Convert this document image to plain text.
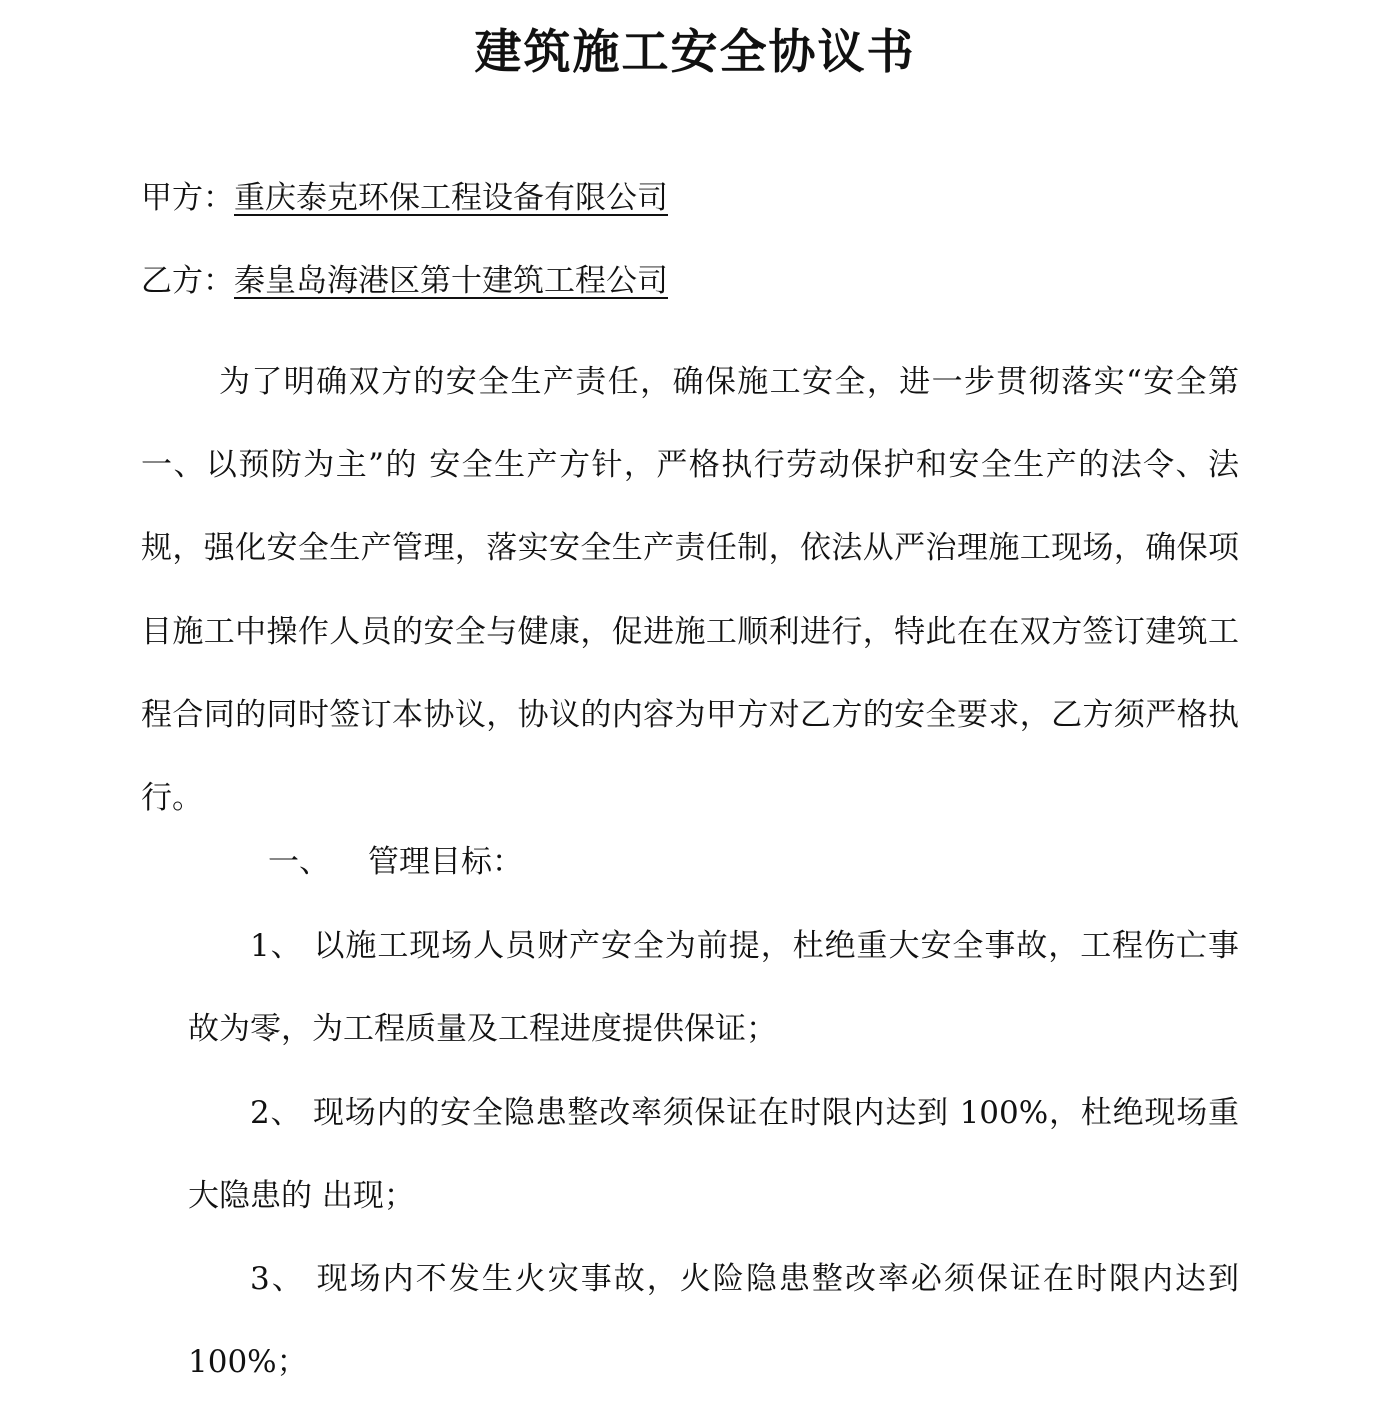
建筑施工安全协议书
甲方：重庆泰克环保工程设备有限公司
乙方：秦皇岛海港区第十建筑工程公司

为了明确双方的安全生产责任，确保施工安全，进一步贯彻落实“安全第一、以预防为主”的 安全生产方针，严格执行劳动保护和安全生产的法令、法规，强化安全生产管理，落实安全生产责任制，依法从严治理施工现场，确保项目施工中操作人员的安全与健康，促进施工顺利进行，特此在在双方签订建筑工程合同的同时签订本协议，协议的内容为甲方对乙方的安全要求，乙方须严格执行。

一、 管理目标：

1、 以施工现场人员财产安全为前提，杜绝重大安全事故，工程伤亡事故为零，为工程质量及工程进度提供保证；

2、 现场内的安全隐患整改率须保证在时限内达到 100%，杜绝现场重大隐患的 出现；

3、 现场内不发生火灾事故，火险隐患整改率必须保证在时限内达到 100%；
